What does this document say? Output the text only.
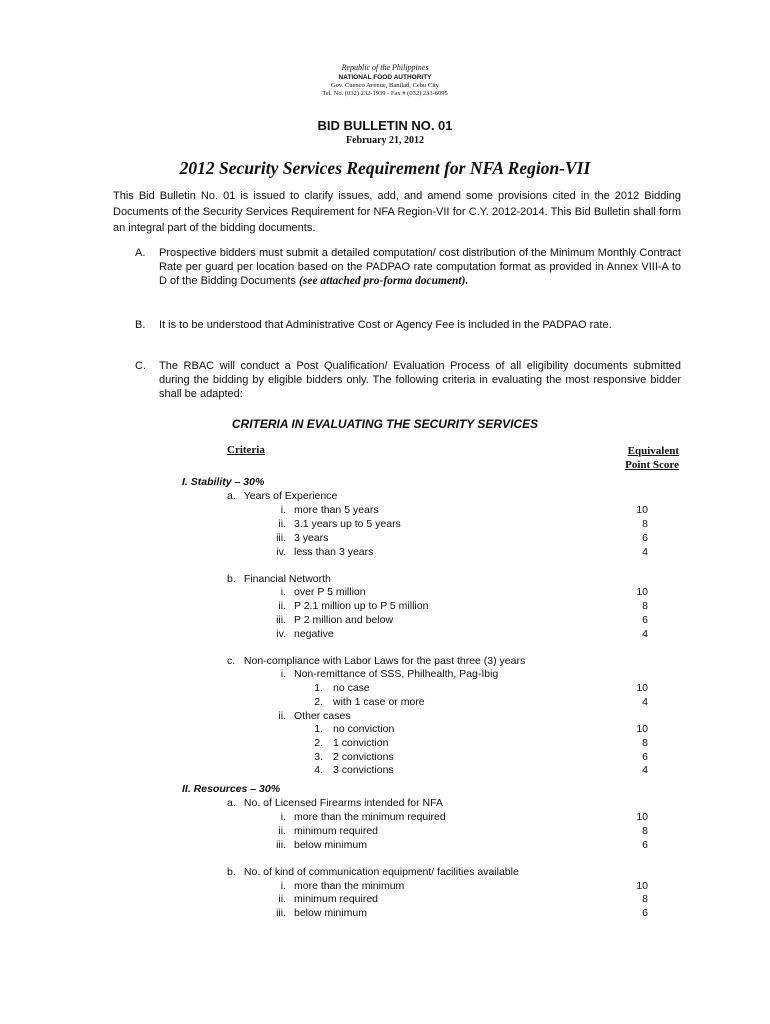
Republic of the Philippines
NATIONAL FOOD AUTHORITY
Gov. Cuenco Avenue, Banilad, Cebu City
Tel. No. (032) 232-1939 - Fax # (032) 233-6095
BID BULLETIN NO. 01
February 21, 2012
2012 Security Services Requirement for NFA Region-VII
This Bid Bulletin No. 01 is issued to clarify issues, add, and amend some provisions cited in the 2012 Bidding Documents of the Security Services Requirement for NFA Region-VII for C.Y. 2012-2014. This Bid Bulletin shall form an integral part of the bidding documents.
A. Prospective bidders must submit a detailed computation/ cost distribution of the Minimum Monthly Contract Rate per guard per location based on the PADPAO rate computation format as provided in Annex VIII-A to D of the Bidding Documents (see attached pro-forma document).
B. It is to be understood that Administrative Cost or Agency Fee is included in the PADPAO rate.
C. The RBAC will conduct a Post Qualification/ Evaluation Process of all eligibility documents submitted during the bidding by eligible bidders only. The following criteria in evaluating the most responsive bidder shall be adapted:
CRITERIA IN EVALUATING THE SECURITY SERVICES
Criteria	Equivalent
Point Score
I. Stability – 30%
a. Years of Experience
i. more than 5 years	10
ii. 3.1 years up to 5 years	8
iii. 3 years	6
iv. less than 3 years	4
b. Financial Networth
i. over P 5 million	10
ii. P 2.1 million up to P 5 million	8
iii. P 2 million and below	6
iv. negative	4
c. Non-compliance with Labor Laws for the past three (3) years
i. Non-remittance of SSS, Philhealth, Pag-Ibig
1. no case	10
2. with 1 case or more	4
ii. Other cases
1. no conviction	10
2. 1 conviction	8
3. 2 convictions	6
4. 3 convictions	4
II. Resources – 30%
a. No. of Licensed Firearms intended for NFA
i. more than the minimum required	10
ii. minimum required	8
iii. below minimum	6
b. No. of kind of communication equipment/ facilities available
i. more than the minimum	10
ii. minimum required	8
iii. below minimum	6
